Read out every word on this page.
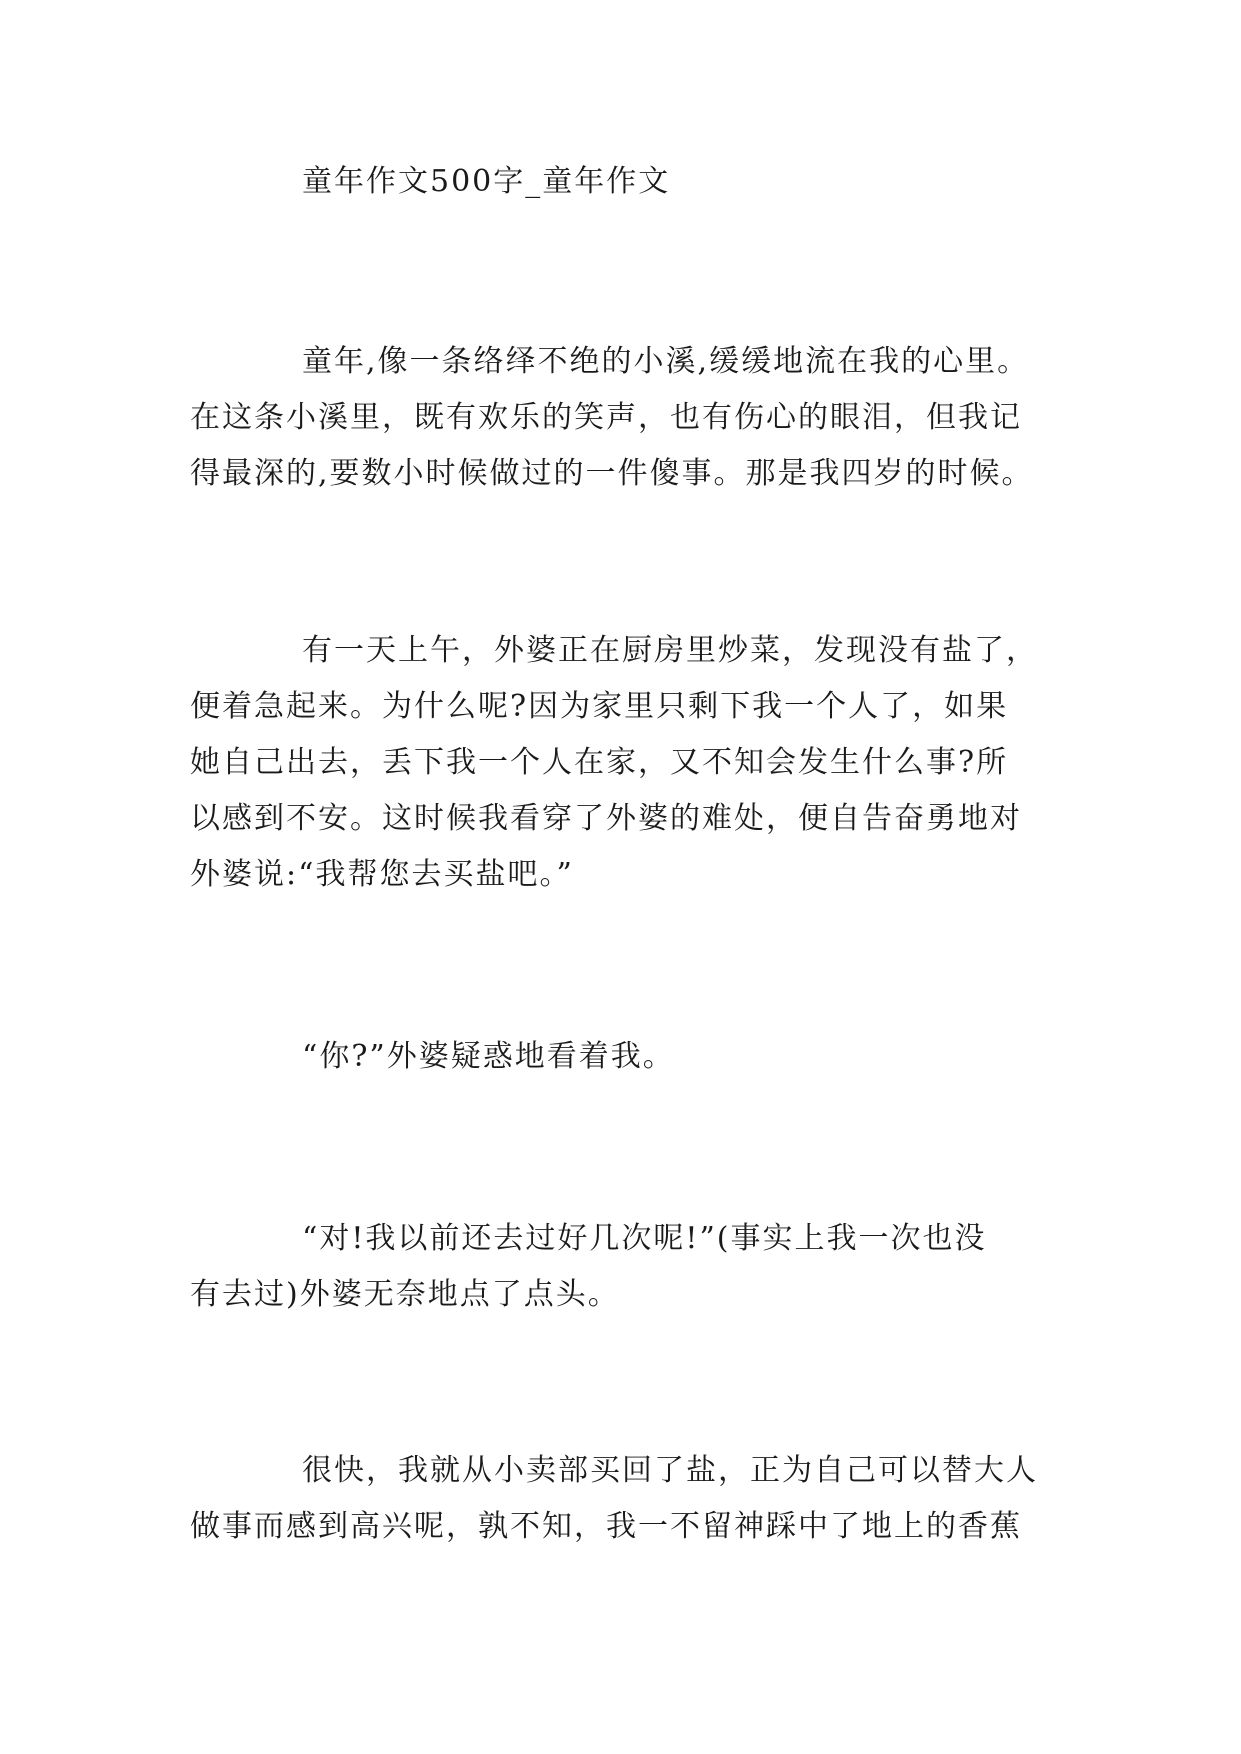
童年作文500字_童年作文
童年,像一条络绎不绝的小溪,缓缓地流在我的心里。
在这条小溪里，既有欢乐的笑声，也有伤心的眼泪，但我记
得最深的,要数小时候做过的一件傻事。那是我四岁的时候。
有一天上午，外婆正在厨房里炒菜，发现没有盐了，
便着急起来。为什么呢?因为家里只剩下我一个人了，如果
她自己出去，丢下我一个人在家，又不知会发生什么事?所
以感到不安。这时候我看穿了外婆的难处，便自告奋勇地对
外婆说:“我帮您去买盐吧。”
“你?”外婆疑惑地看着我。
“对!我以前还去过好几次呢!”(事实上我一次也没
有去过)外婆无奈地点了点头。
很快，我就从小卖部买回了盐，正为自己可以替大人
做事而感到高兴呢，孰不知，我一不留神踩中了地上的香蕉
